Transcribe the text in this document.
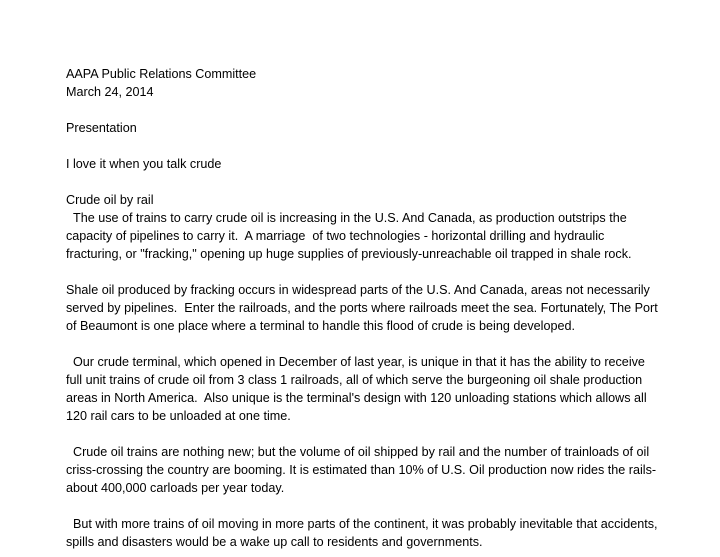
AAPA Public Relations Committee

March 24, 2014

Presentation

I love it when you talk crude

Crude oil by rail

The use of trains to carry crude oil is increasing in the U.S. And Canada, as production outstrips the capacity of pipelines to carry it.  A marriage  of two technologies - horizontal drilling and hydraulic fracturing, or "fracking," opening up huge supplies of previously-unreachable oil trapped in shale rock.

Shale oil produced by fracking occurs in widespread parts of the U.S. And Canada, areas not necessarily served by pipelines.  Enter the railroads, and the ports where railroads meet the sea. Fortunately, The Port of Beaumont is one place where a terminal to handle this flood of crude is being developed.

Our crude terminal, which opened in December of last year, is unique in that it has the ability to receive full unit trains of crude oil from 3 class 1 railroads, all of which serve the burgeoning oil shale production areas in North America.  Also unique is the terminal's design with 120 unloading stations which allows all 120 rail cars to be unloaded at one time.

Crude oil trains are nothing new; but the volume of oil shipped by rail and the number of trainloads of oil criss-crossing the country are booming. It is estimated than 10% of U.S. Oil production now rides the rails- about 400,000 carloads per year today.

But with more trains of oil moving in more parts of the continent, it was probably inevitable that accidents, spills and disasters would be a wake up call to residents and governments.
